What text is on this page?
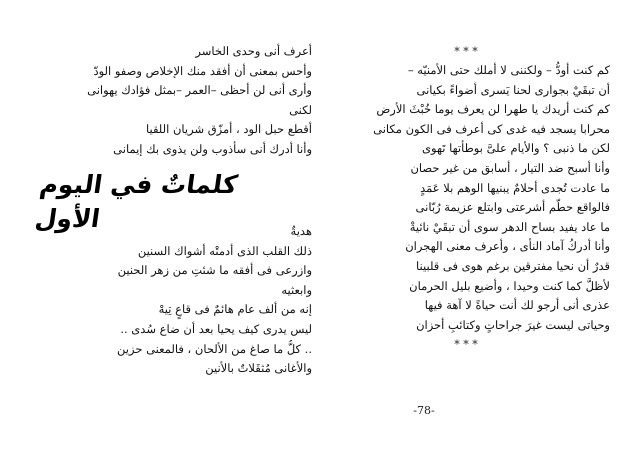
* * *
كم كنت أودُّ – ولكننى لا أملك حتى الأمنيّه –
أن تبقَيْ بجوارى لحنا يَسرى أضواءً بكيانى
كم كنت أريدك يا طهرا لن يعرف يوما خُبْثَ الأرض
محرابا يسجد فيه غدى كى أعرف فى الكون مكانى
لكن ما ذنبى ؟ والأيام علىَّ بوطأتها تَهوى
وأنا أسبح ضد التيار ، أسابق من غير حصان
ما عادت تُجدى أحلامٌ يبنيها الوهم بلا عَمَدٍ
فالواقع حطّم أشرعتى وابتلع عزيمة رُبّانى
ما عاد يفيد بساح الدهر سوى أن تبقَيْ نائيةْ
وأنا أدركُ آماد النأى ، وأعرف معنى الهجران
قدرٌ أن نحيا مفترقين برغم هوى فى قلبينا
لأظلَّ كما كنت وحيدا ، وأضيع بليل الحرمان
عذرى أنى أرجو لك أنت حياةً لا آهة فيها
وحياتى ليست غيرَ جراحاتٍ وكتائبِ أحزان
* * *
أعرف أنى وحدى الخاسر
وأحس بمعنى أن أفقد منك الإخلاص وصفو الودّ
وأرى أنى لن أحظى –العمر –بمثل فؤادك يهوانى
لكنى
أقطع حبل الود ، أمزّق شريان اللقيا
وأنا أدرك أنى سأذوب ولن يذوى بك إيمانى
كلماتٌ في اليوم الأول	هديةٌ
ذلك القلب الذى أدمتْه أشواك السنين
وازرعى فى أفقه ما شئتِ من زهر الحنين
وابعثيه
إنه من ألف عام هائمٌ فى قاعٍ تِيهْ
ليس يدرى كيف يحيا بعد أن ضاع سُدى ..
.. كلُّ ما صاغ من الألحان ، فالمعنى حزين
والأغانى مُثقَلاتٌ بالأنين
-78-
